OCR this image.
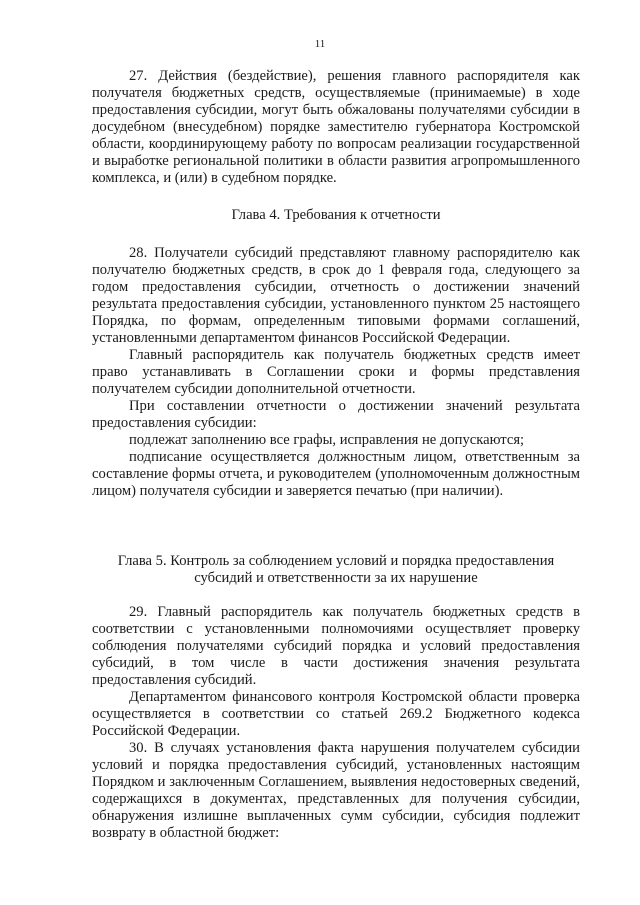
11

27. Действия (бездействие), решения главного распорядителя как получателя бюджетных средств, осуществляемые (принимаемые) в ходе предоставления субсидии, могут быть обжалованы получателями субсидии в досудебном (внесудебном) порядке заместителю губернатора Костромской области, координирующему работу по вопросам реализации государственной и выработке региональной политики в области развития агропромышленного комплекса, и (или) в судебном порядке.

Глава 4. Требования к отчетности

28. Получатели субсидий представляют главному распорядителю как получателю бюджетных средств, в срок до 1 февраля года, следующего за годом предоставления субсидии, отчетность о достижении значений результата предоставления субсидии, установленного пунктом 25 настоящего Порядка, по формам, определенным типовыми формами соглашений, установленными департаментом финансов Российской Федерации.

Главный распорядитель как получатель бюджетных средств имеет право устанавливать в Соглашении сроки и формы представления получателем субсидии дополнительной отчетности.

При составлении отчетности о достижении значений результата предоставления субсидии:

подлежат заполнению все графы, исправления не допускаются;

подписание осуществляется должностным лицом, ответственным за составление формы отчета, и руководителем (уполномоченным должностным лицом) получателя субсидии и заверяется печатью (при наличии).

Глава 5. Контроль за соблюдением условий и порядка предоставления

субсидий и ответственности за их нарушение

29. Главный распорядитель как получатель бюджетных средств в соответствии с установленными полномочиями осуществляет проверку соблюдения получателями субсидий порядка и условий предоставления субсидий, в том числе в части достижения значения результата предоставления субсидий.

Департаментом финансового контроля Костромской области проверка осуществляется в соответствии со статьей 269.2 Бюджетного кодекса Российской Федерации.

30. В случаях установления факта нарушения получателем субсидии условий и порядка предоставления субсидий, установленных настоящим Порядком и заключенным Соглашением, выявления недостоверных сведений, содержащихся в документах, представленных для получения субсидии, обнаружения излишне выплаченных сумм субсидии, субсидия подлежит возврату в областной бюджет:
